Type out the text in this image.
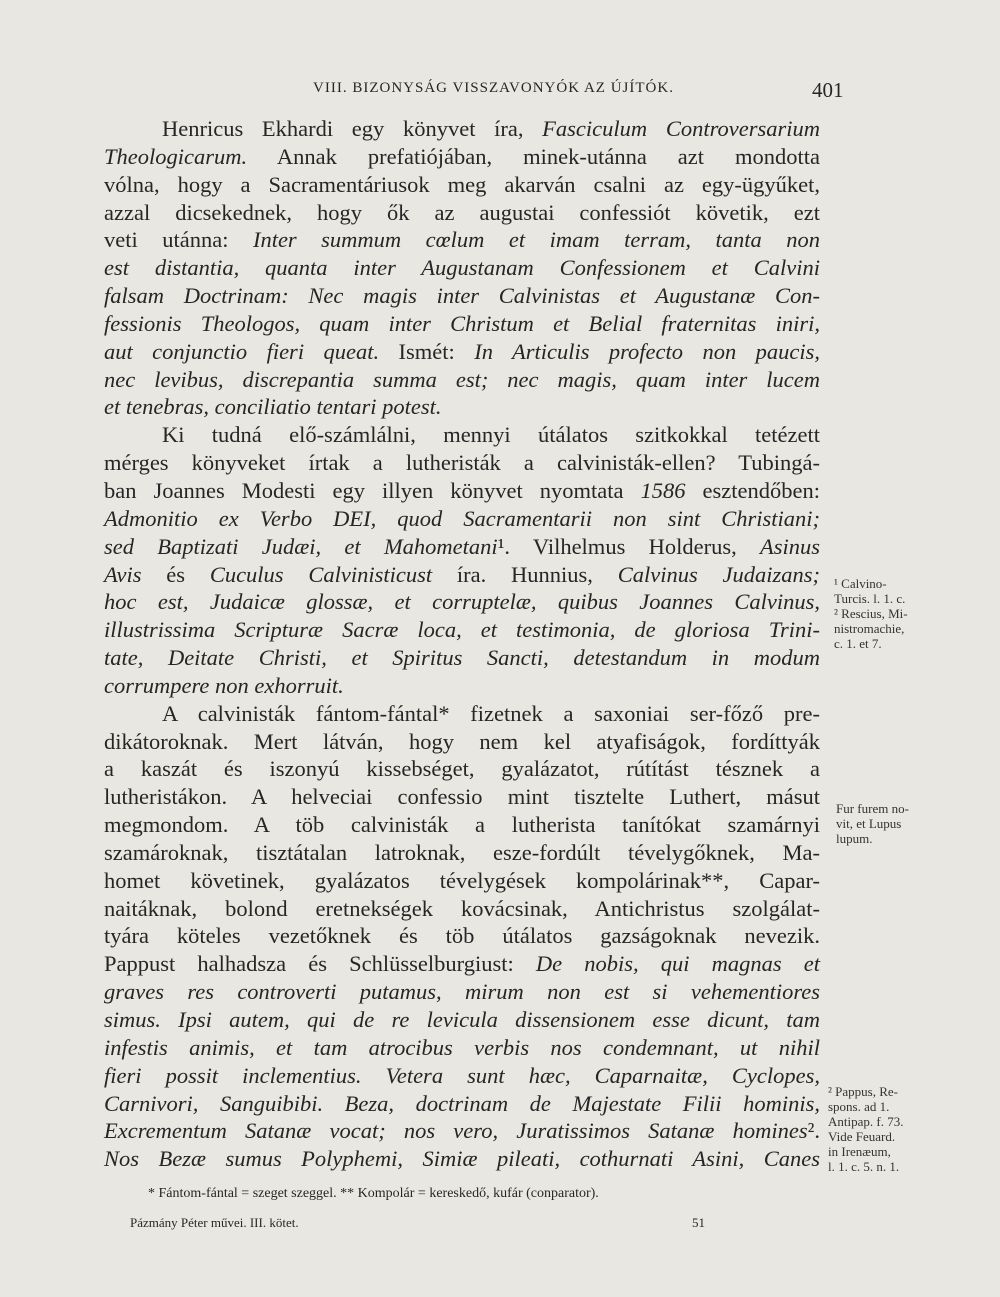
VIII. BIZONYSÁG VISSZAVONYÓK AZ ÚJÍTÓK.	401
Henricus Ekhardi egy könyvet íra, Fasciculum Controversarium
Theologicarum. Annak prefatiójában, minek-utánna azt mondotta
vólna, hogy a Sacramentáriusok meg akarván csalni az egy-ügyűket,
azzal dicsekednek, hogy ők az augustai confessiót követik, ezt
veti utánna: Inter summum cœlum et imam terram, tanta non
est distantia, quanta inter Augustanam Confessionem et Calvini
falsam Doctrinam: Nec magis inter Calvinistas et Augustanæ Con-
fessionis Theologos, quam inter Christum et Belial fraternitas iniri,
aut conjunctio fieri queat. Ismét: In Articulis profecto non paucis,
nec levibus, discrepantia summa est; nec magis, quam inter lucem
et tenebras, conciliatio tentari potest.
Ki tudná elő-számlálni, mennyi útálatos szitkokkal tetézett
mérges könyveket írtak a lutheristák a calvinisták-ellen? Tubingá-
ban Joannes Modesti egy illyen könyvet nyomtata 1586 esztendőben:
Admonitio ex Verbo DEI, quod Sacramentarii non sint Christiani;
sed Baptizati Judæi, et Mahometani¹. Vilhelmus Holderus, Asinus
Avis és Cuculus Calvinisticust íra. Hunnius, Calvinus Judaizans;
hoc est, Judaicæ glossæ, et corruptelæ, quibus Joannes Calvinus,
illustrissima Scripturæ Sacræ loca, et testimonia, de gloriosa Trini-
tate, Deitate Christi, et Spiritus Sancti, detestandum in modum
corrumpere non exhorruit.
A calvinisták fántom-fántal* fizetnek a saxoniai ser-főző pre-
dikátoroknak. Mert látván, hogy nem kel atyafiságok, fordíttyák
a kaszát és iszonyú kissebséget, gyalázatot, rútítást tésznek a
lutheristákon. A helveciai confessio mint tisztelte Luthert, másut
megmondom. A töb calvinisták a lutherista tanítókat szamárnyi
szamároknak, tisztátalan latroknak, esze-fordúlt tévelygőknek, Ma-
homet követinek, gyalázatos tévelygések kompolárinak**, Capar-
naitáknak, bolond eretnekségek kovácsinak, Antichristus szolgálat-
tyára köteles vezetőknek és töb útálatos gazságoknak nevezik.
Pappust halhadsza és Schlüsselburgiust: De nobis, qui magnas et
graves res controverti putamus, mirum non est si vehementiores
simus. Ipsi autem, qui de re levicula dissensionem esse dicunt, tam
infestis animis, et tam atrocibus verbis nos condemnant, ut nihil
fieri possit inclementius. Vetera sunt hæc, Caparnaitæ, Cyclopes,
Carnivori, Sanguibibi. Beza, doctrinam de Majestate Filii hominis,
Excrementum Satanæ vocat; nos vero, Juratissimos Satanæ homines².
Nos Bezæ sumus Polyphemi, Simiæ pileati, cothurnati Asini, Canes
¹ Calvino-
Turcis. l. 1. c.
² Rescius, Mi-
nistromachie,
c. 1. et 7.
Fur furem no-
vit, et Lupus
lupum.
² Pappus, Re-
spons. ad 1.
Antipap. f. 73.
Vide Feuard.
in Irenæum,
l. 1. c. 5. n. 1.
* Fántom-fántal = szeget szeggel. ** Kompolár = kereskedő, kufár (conparator).
Pázmány Péter művei. III. kötet.	51
